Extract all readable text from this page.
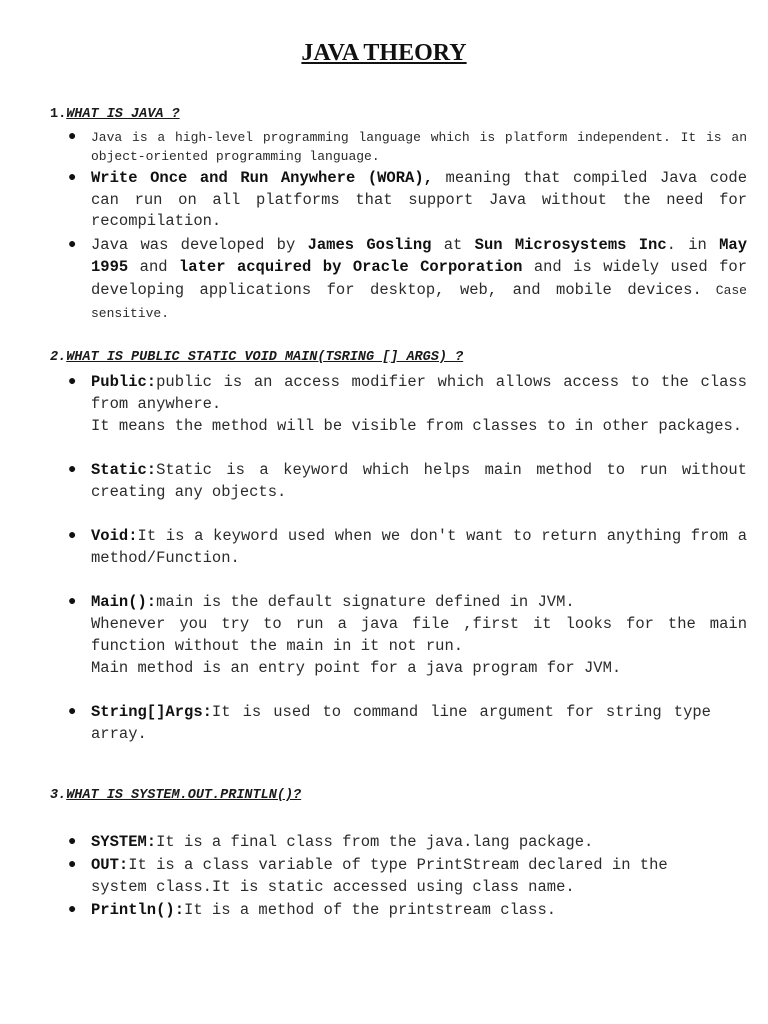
JAVA THEORY
1.WHAT IS JAVA ?
● Java is a high-level programming language which is platform independent. It is an object-oriented programming language.
● Write Once and Run Anywhere (WORA), meaning that compiled Java code can run on all platforms that support Java without the need for recompilation.
● Java was developed by James Gosling at Sun Microsystems Inc. in May 1995 and later acquired by Oracle Corporation and is widely used for developing applications for desktop, web, and mobile devices. Case sensitive.
2.WHAT IS PUBLIC STATIC VOID MAIN(TSRING [] ARGS) ?
● Public:public is an access modifier which allows access to the class from anywhere.
It means the method will be visible from classes to in other packages.
● Static:Static is a keyword which helps main method to run without creating any objects.
● Void:It is a keyword used when we don't want to return anything from a method/Function.
● Main():main is the default signature defined in JVM.
Whenever you try to run a java file ,first it looks for the main function without the main in it not run.
Main method is an entry point for a java program for JVM.
● String[]Args:It is used to command line argument for string type array.
3.WHAT IS SYSTEM.OUT.PRINTLN()?
● SYSTEM:It is a final class from the java.lang package.
● OUT:It is a class variable of type PrintStream declared in the system class.It is static accessed using class name.
● Println():It is a method of the printstream class.
